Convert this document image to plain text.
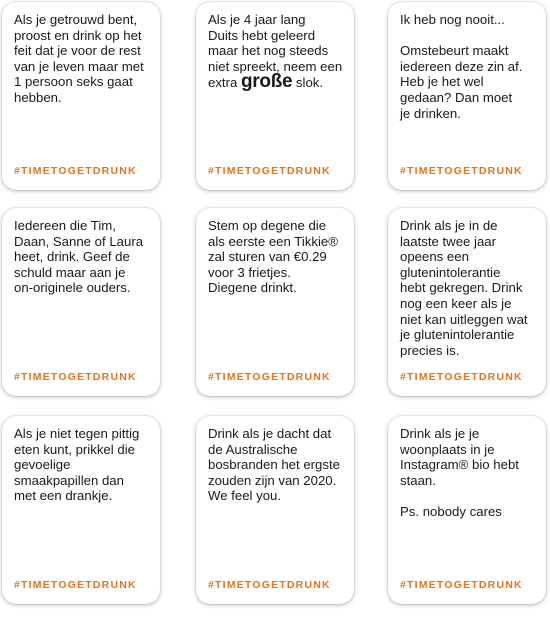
Als je getrouwd bent,
proost en drink op het
feit dat je voor de rest
van je leven maar met
1 persoon seks gaat
hebben.
#TIMETOGETDRUNK
Als je 4 jaar lang
Duits hebt geleerd
maar het nog steeds
niet spreekt, neem een
extra große slok.
#TIMETOGETDRUNK
Ik heb nog nooit...

Omstebeurt maakt
iedereen deze zin af.
Heb je het wel
gedaan? Dan moet
je drinken.
#TIMETOGETDRUNK
Iedereen die Tim,
Daan, Sanne of Laura
heet, drink. Geef de
schuld maar aan je
on-originele ouders.
#TIMETOGETDRUNK
Stem op degene die
als eerste een Tikkie®
zal sturen van €0.29
voor 3 frietjes.
Diegene drinkt.
#TIMETOGETDRUNK
Drink als je in de
laatste twee jaar
opeens een
glutenintolerantie
hebt gekregen. Drink
nog een keer als je
niet kan uitleggen wat
je glutenintolerantie
precies is.
#TIMETOGETDRUNK
Als je niet tegen pittig
eten kunt, prikkel die
gevoelige
smaakpapillen dan
met een drankje.
#TIMETOGETDRUNK
Drink als je dacht dat
de Australische
bosbranden het ergste
zouden zijn van 2020.
We feel you.
#TIMETOGETDRUNK
Drink als je je
woonplaats in je
Instagram® bio hebt
staan.

Ps. nobody cares
#TIMETOGETDRUNK
